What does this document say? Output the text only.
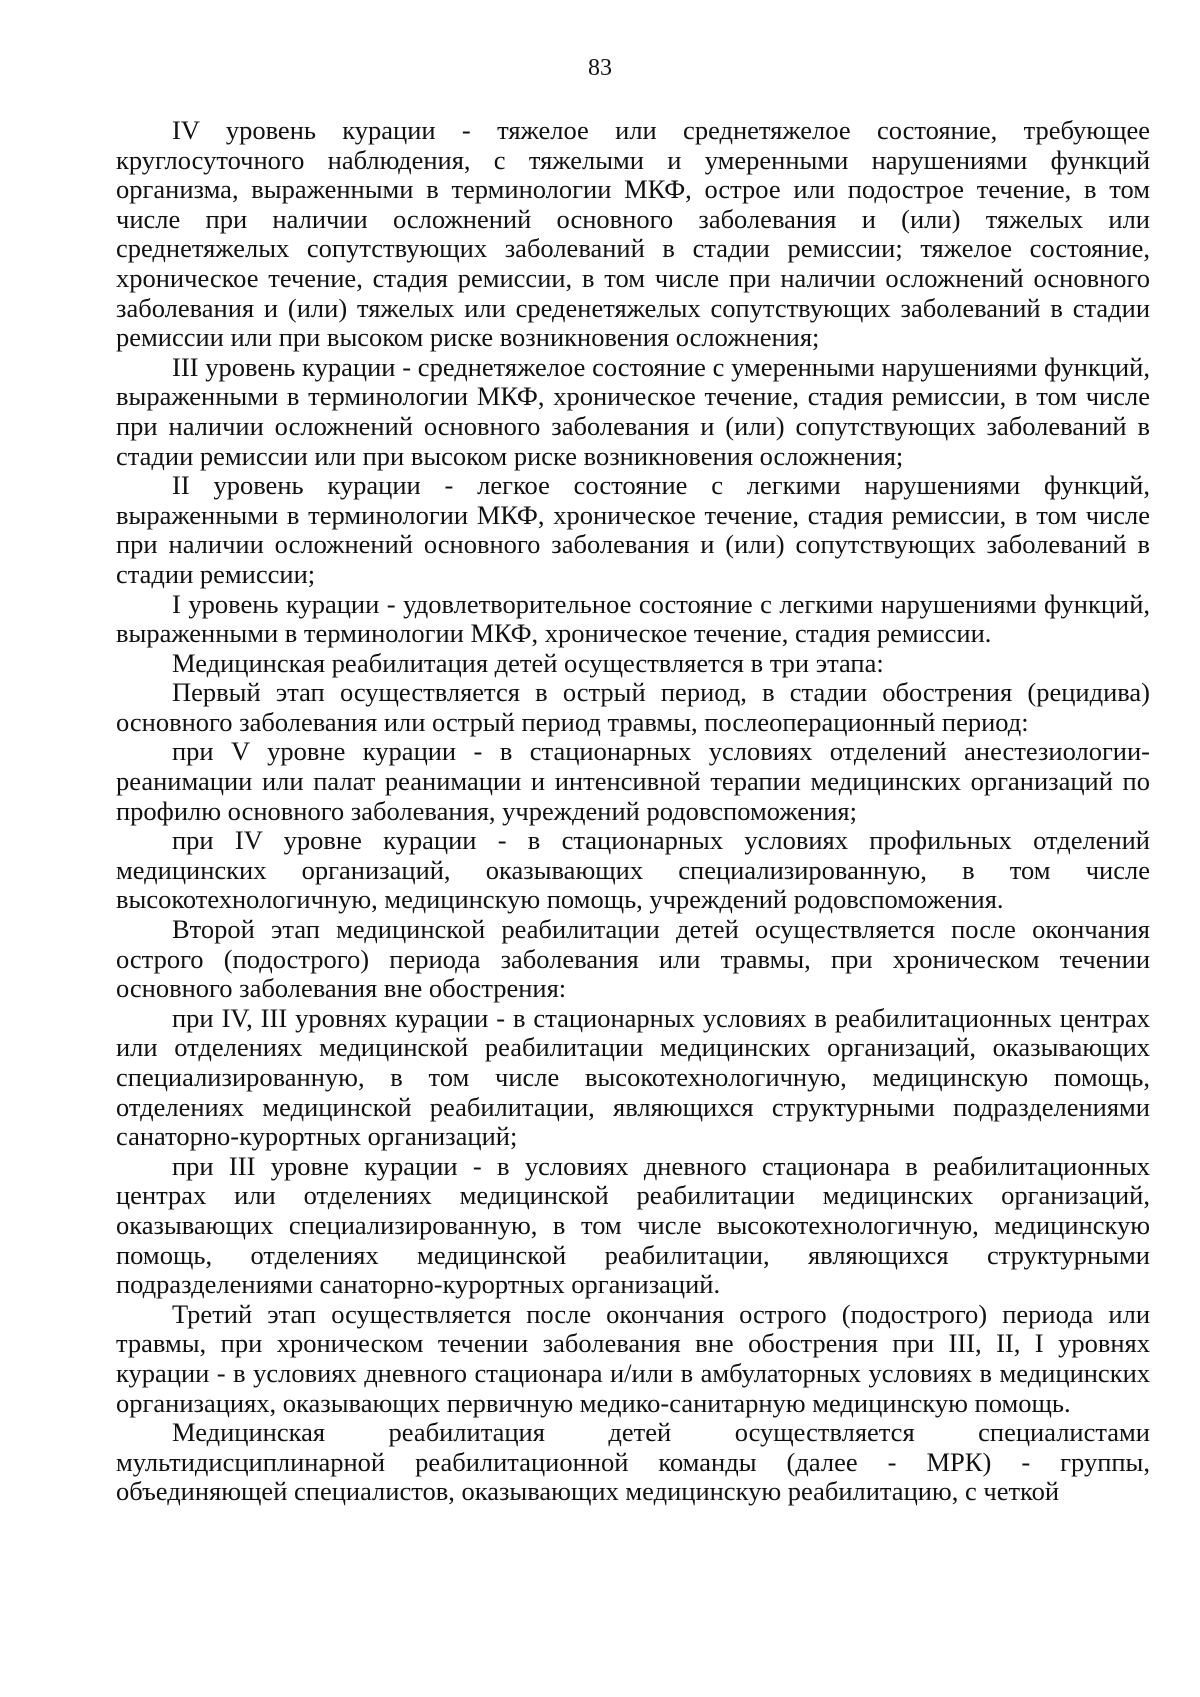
83

IV уровень курации - тяжелое или среднетяжелое состояние, требующее круглосуточного наблюдения, с тяжелыми и умеренными нарушениями функций организма, выраженными в терминологии МКФ, острое или подострое течение, в том числе при наличии осложнений основного заболевания и (или) тяжелых или среднетяжелых сопутствующих заболеваний в стадии ремиссии; тяжелое состояние, хроническое течение, стадия ремиссии, в том числе при наличии осложнений основного заболевания и (или) тяжелых или среденетяжелых сопутствующих заболеваний в стадии ремиссии или при высоком риске возникновения осложнения;

III уровень курации - среднетяжелое состояние с умеренными нарушениями функций, выраженными в терминологии МКФ, хроническое течение, стадия ремиссии, в том числе при наличии осложнений основного заболевания и (или) сопутствующих заболеваний в стадии ремиссии или при высоком риске возникновения осложнения;

II уровень курации - легкое состояние с легкими нарушениями функций, выраженными в терминологии МКФ, хроническое течение, стадия ремиссии, в том числе при наличии осложнений основного заболевания и (или) сопутствующих заболеваний в стадии ремиссии;

I уровень курации - удовлетворительное состояние с легкими нарушениями функций, выраженными в терминологии МКФ, хроническое течение, стадия ремиссии.

Медицинская реабилитация детей осуществляется в три этапа:

Первый этап осуществляется в острый период, в стадии обострения (рецидива) основного заболевания или острый период травмы, послеоперационный период:

при V уровне курации - в стационарных условиях отделений анестезиологии-реанимации или палат реанимации и интенсивной терапии медицинских организаций по профилю основного заболевания, учреждений родовспоможения;

при IV уровне курации - в стационарных условиях профильных отделений медицинских организаций, оказывающих специализированную, в том числе высокотехнологичную, медицинскую помощь, учреждений родовспоможения.

Второй этап медицинской реабилитации детей осуществляется после окончания острого (подострого) периода заболевания или травмы, при хроническом течении основного заболевания вне обострения:

при IV, III уровнях курации - в стационарных условиях в реабилитационных центрах или отделениях медицинской реабилитации медицинских организаций, оказывающих специализированную, в том числе высокотехнологичную, медицинскую помощь, отделениях медицинской реабилитации, являющихся структурными подразделениями санаторно-курортных организаций;

при III уровне курации - в условиях дневного стационара в реабилитационных центрах или отделениях медицинской реабилитации медицинских организаций, оказывающих специализированную, в том числе высокотехнологичную, медицинскую помощь, отделениях медицинской реабилитации, являющихся структурными подразделениями санаторно-курортных организаций.

Третий этап осуществляется после окончания острого (подострого) периода или травмы, при хроническом течении заболевания вне обострения при III, II, I уровнях курации - в условиях дневного стационара и/или в амбулаторных условиях в медицинских организациях, оказывающих первичную медико-санитарную медицинскую помощь.

Медицинская реабилитация детей осуществляется специалистами мультидисциплинарной реабилитационной команды (далее - МРК) - группы, объединяющей специалистов, оказывающих медицинскую реабилитацию, с четкой
